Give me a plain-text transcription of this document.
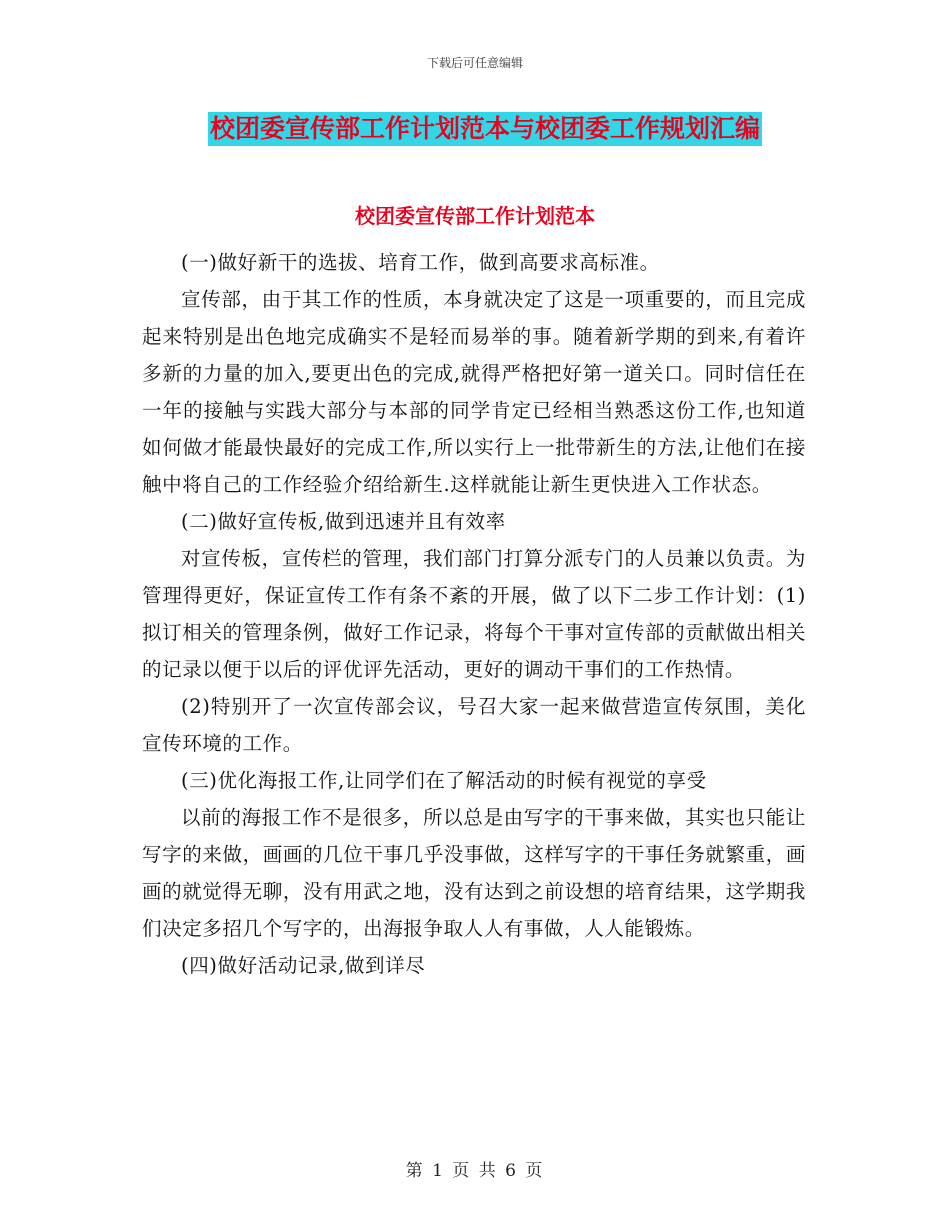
下载后可任意编辑
校团委宣传部工作计划范本与校团委工作规划汇编
校团委宣传部工作计划范本

(一)做好新干的选拔、培育工作，做到高要求高标准。

宣传部，由于其工作的性质，本身就决定了这是一项重要的，而且完成起来特别是出色地完成确实不是轻而易举的事。随着新学期的到来,有着许多新的力量的加入,要更出色的完成,就得严格把好第一道关口。同时信任在一年的接触与实践大部分与本部的同学肯定已经相当熟悉这份工作,也知道如何做才能最快最好的完成工作,所以实行上一批带新生的方法,让他们在接触中将自己的工作经验介绍给新生.这样就能让新生更快进入工作状态。

(二)做好宣传板,做到迅速并且有效率

对宣传板，宣传栏的管理，我们部门打算分派专门的人员兼以负责。为管理得更好，保证宣传工作有条不紊的开展，做了以下二步工作计划：(1)拟订相关的管理条例，做好工作记录，将每个干事对宣传部的贡献做出相关的记录以便于以后的评优评先活动，更好的调动干事们的工作热情。

(2)特别开了一次宣传部会议，号召大家一起来做营造宣传氛围，美化宣传环境的工作。

(三)优化海报工作,让同学们在了解活动的时候有视觉的享受

以前的海报工作不是很多，所以总是由写字的干事来做，其实也只能让写字的来做，画画的几位干事几乎没事做，这样写字的干事任务就繁重，画画的就觉得无聊，没有用武之地，没有达到之前设想的培育结果，这学期我们决定多招几个写字的，出海报争取人人有事做，人人能锻炼。

(四)做好活动记录,做到详尽

第 1 页 共 6 页
